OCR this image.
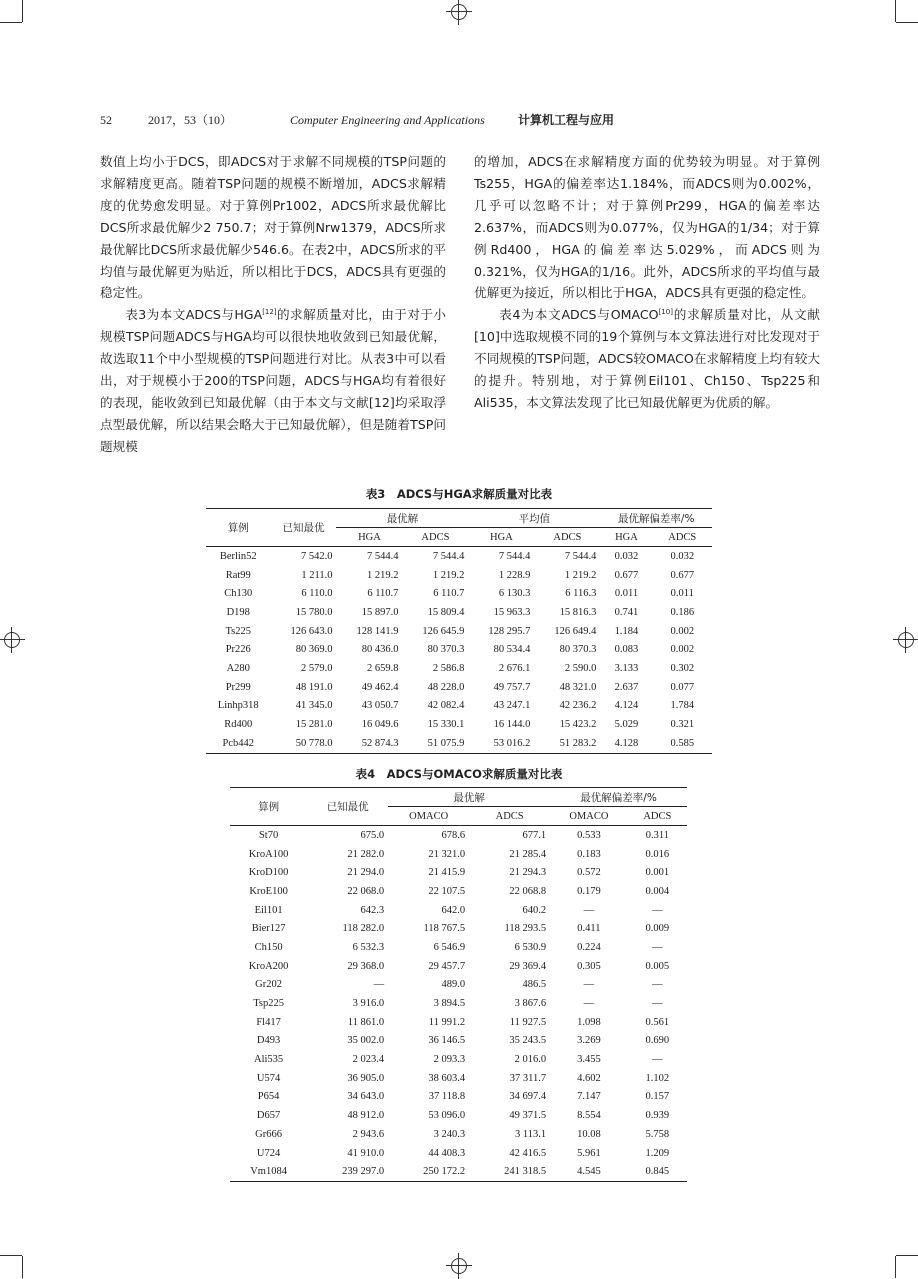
52	2017，53（10）	Computer Engineering and Applications	计算机工程与应用

数值上均小于DCS，即ADCS对于求解不同规模的TSP问题的求解精度更高。随着TSP问题的规模不断增加，ADCS求解精度的优势愈发明显。对于算例Pr1002，ADCS所求最优解比DCS所求最优解少2 750.7；对于算例Nrw1379，ADCS所求最优解比DCS所求最优解少546.6。在表2中，ADCS所求的平均值与最优解更为贴近，所以相比于DCS，ADCS具有更强的稳定性。

表3为本文ADCS与HGA[12]的求解质量对比，由于对于小规模TSP问题ADCS与HGA均可以很快地收敛到已知最优解，故选取11个中小型规模的TSP问题进行对比。从表3中可以看出，对于规模小于200的TSP问题，ADCS与HGA均有着很好的表现，能收敛到已知最优解（由于本文与文献[12]均采取浮点型最优解，所以结果会略大于已知最优解），但是随着TSP问题规模

的增加，ADCS在求解精度方面的优势较为明显。对于算例Ts255，HGA的偏差率达1.184%，而ADCS则为0.002%，几乎可以忽略不计；对于算例Pr299，HGA的偏差率达2.637%，而ADCS则为0.077%，仅为HGA的1/34；对于算例Rd400，HGA的偏差率达5.029%，而ADCS则为0.321%，仅为HGA的1/16。此外，ADCS所求的平均值与最优解更为接近，所以相比于HGA，ADCS具有更强的稳定性。

表4为本文ADCS与OMACO[10]的求解质量对比，从文献[10]中选取规模不同的19个算例与本文算法进行对比发现对于不同规模的TSP问题，ADCS较OMACO在求解精度上均有较大的提升。特别地，对于算例Eil101、Ch150、Tsp225和Ali535，本文算法发现了比已知最优解更为优质的解。

表3　ADCS与HGA求解质量对比表
算例	已知最优	最优解		平均值		最优解偏差率/%	
		HGA	ADCS	HGA	ADCS	HGA	ADCS
Berlin52	7 542.0	7 544.4	7 544.4	7 544.4	7 544.4	0.032	0.032
Rat99	1 211.0	1 219.2	1 219.2	1 228.9	1 219.2	0.677	0.677
Ch130	6 110.0	6 110.7	6 110.7	6 130.3	6 116.3	0.011	0.011
D198	15 780.0	15 897.0	15 809.4	15 963.3	15 816.3	0.741	0.186
Ts225	126 643.0	128 141.9	126 645.9	128 295.7	126 649.4	1.184	0.002
Pr226	80 369.0	80 436.0	80 370.3	80 534.4	80 370.3	0.083	0.002
A280	2 579.0	2 659.8	2 586.8	2 676.1	2 590.0	3.133	0.302
Pr299	48 191.0	49 462.4	48 228.0	49 757.7	48 321.0	2.637	0.077
Linhp318	41 345.0	43 050.7	42 082.4	43 247.1	42 236.2	4.124	1.784
Rd400	15 281.0	16 049.6	15 330.1	16 144.0	15 423.2	5.029	0.321
Pcb442	50 778.0	52 874.3	51 075.9	53 016.2	51 283.2	4.128	0.585
表4　ADCS与OMACO求解质量对比表
算例	已知最优	最优解		最优解偏差率/%	
		OMACO	ADCS	OMACO	ADCS
St70	675.0	678.6	677.1	0.533	0.311
KroA100	21 282.0	21 321.0	21 285.4	0.183	0.016
KroD100	21 294.0	21 415.9	21 294.3	0.572	0.001
KroE100	22 068.0	22 107.5	22 068.8	0.179	0.004
Eil101	642.3	642.0	640.2	—	—
Bier127	118 282.0	118 767.5	118 293.5	0.411	0.009
Ch150	6 532.3	6 546.9	6 530.9	0.224	—
KroA200	29 368.0	29 457.7	29 369.4	0.305	0.005
Gr202	—	489.0	486.5	—	—
Tsp225	3 916.0	3 894.5	3 867.6	—	—
Fl417	11 861.0	11 991.2	11 927.5	1.098	0.561
D493	35 002.0	36 146.5	35 243.5	3.269	0.690
Ali535	2 023.4	2 093.3	2 016.0	3.455	—
U574	36 905.0	38 603.4	37 311.7	4.602	1.102
P654	34 643.0	37 118.8	34 697.4	7.147	0.157
D657	48 912.0	53 096.0	49 371.5	8.554	0.939
Gr666	2 943.6	3 240.3	3 113.1	10.08	5.758
U724	41 910.0	44 408.3	42 416.5	5.961	1.209
Vm1084	239 297.0	250 172.2	241 318.5	4.545	0.845
